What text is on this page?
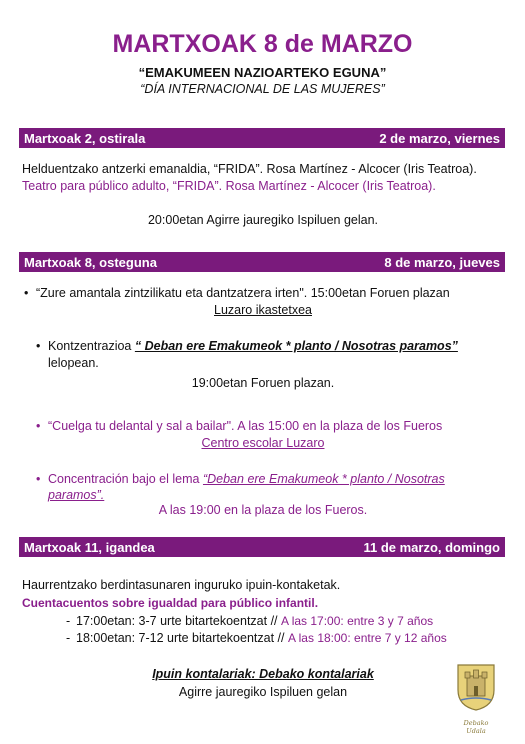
MARTXOAK 8 de MARZO
“EMAKUMEEN NAZIOARTEKO EGUNA”
“DÍA INTERNACIONAL DE LAS MUJERES”
Martxoak 2, ostirala	2 de marzo, viernes
Helduentzako antzerki emanaldia, “FRIDA”. Rosa Martínez - Alcocer (Iris Teatroa). Teatro para público adulto, “FRIDA”. Rosa Martínez - Alcocer (Iris Teatroa).
20:00etan Agirre jauregiko Ispiluen gelan.
Martxoak 8, osteguna	8 de marzo, jueves
• “Zure amantala zintzilikatu eta dantzatzera irten". 15:00etan Foruen plazan
Luzaro ikastetxea
• Kontzentrazioa “ Deban ere Emakumeok * planto / Nosotras paramos”
lelopean.
19:00etan Foruen plazan.
• “Cuelga tu delantal y sal a bailar". A las 15:00 en la plaza de los Fueros
Centro escolar Luzaro
• Concentración bajo el lema “Deban ere Emakumeok * planto / Nosotras
paramos”.
A las 19:00 en la plaza de los Fueros.
Martxoak 11, igandea	11 de marzo, domingo
Haurrentzako berdintasunaren inguruko ipuin-kontaketak.
Cuentacuentos sobre igualdad para público infantil.
- 17:00etan: 3-7 urte bitartekoentzat // A las 17:00: entre 3 y 7 años
- 18:00etan: 7-12 urte bitartekoentzat // A las 18:00: entre 7 y 12 años
Ipuin kontalariak: Debako kontalariak
Agirre jauregiko Ispiluen gelan
Debako Udala
